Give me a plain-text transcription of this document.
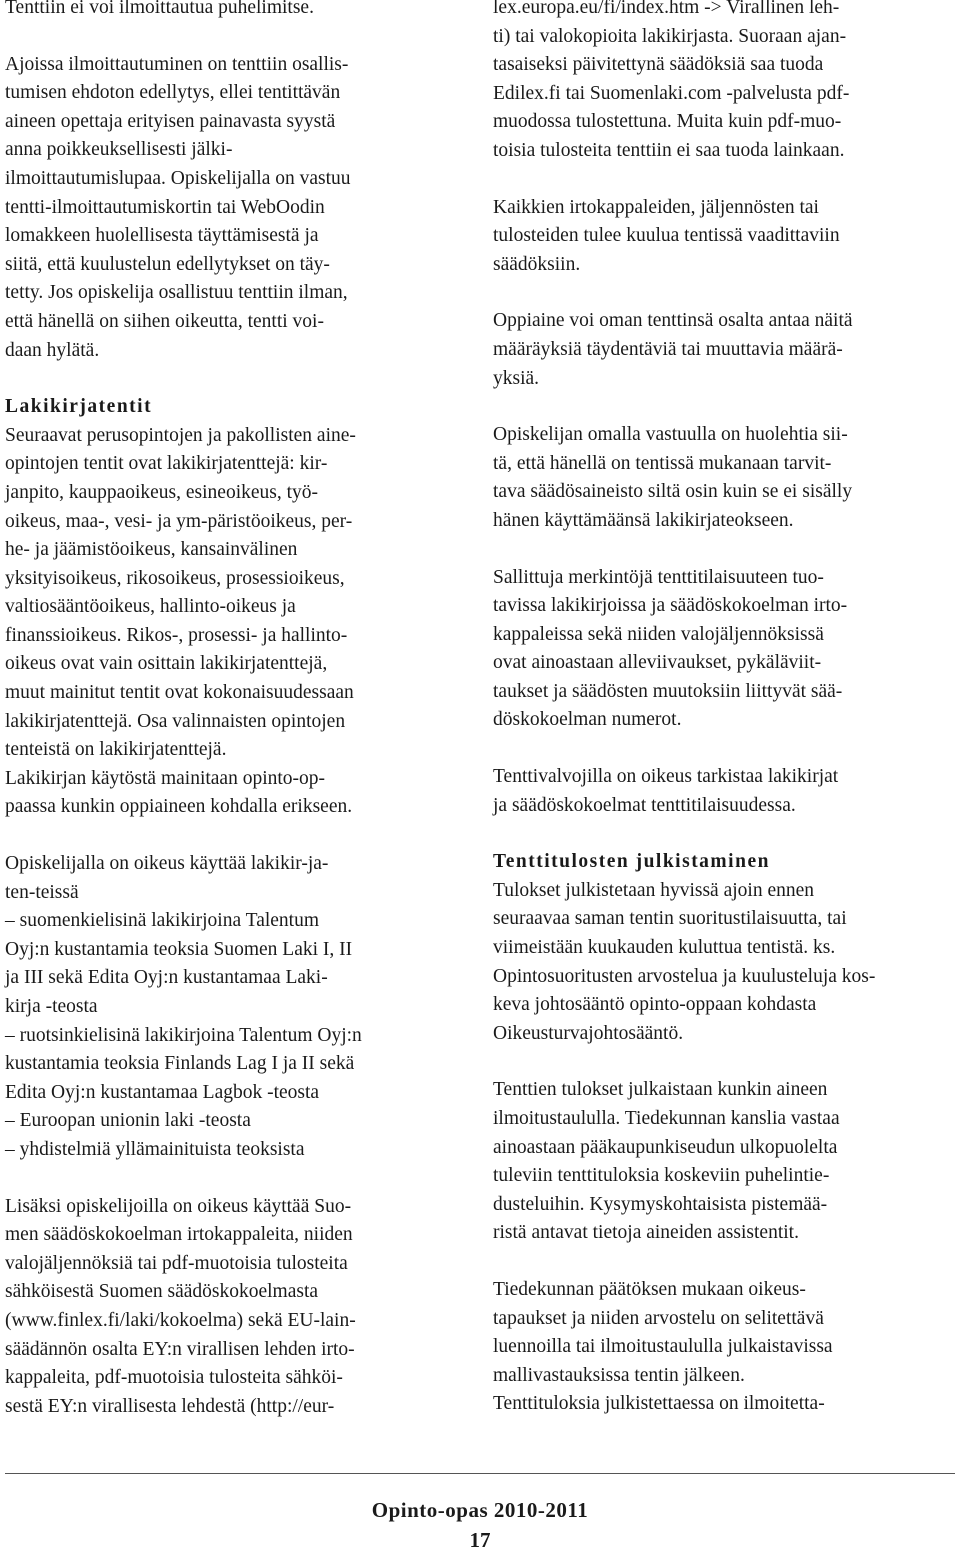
Tenttiin ei voi ilmoittautua puhelimitse.

Ajoissa ilmoittautuminen on tenttiin osallis-
tumisen ehdoton edellytys, ellei tentittävän
aineen opettaja erityisen painavasta syystä
anna poikkeuksellisesti jälki-
ilmoittautumislupaa. Opiskelijalla on vastuu
tentti-ilmoittautumiskortin tai WebOodin
lomakkeen huolellisesta täyttämisestä ja
siitä, että kuulustelun edellytykset on täy-
tetty. Jos opiskelija osallistuu tenttiin ilman,
että hänellä on siihen oikeutta, tentti voi-
daan hylätä.

Lakikirjatentit

Seuraavat perusopintojen ja pakollisten aine-
opintojen tentit ovat lakikirjatenttejä: kir-
janpito, kauppaoikeus, esineoikeus, työ-
oikeus, maa-, vesi- ja ym-päristöoikeus, per-
he- ja jäämistöoikeus, kansainvälinen
yksityisoikeus, rikosoikeus, prosessioikeus,
valtiosääntöoikeus, hallinto-oikeus ja
finanssioikeus. Rikos-, prosessi- ja hallinto-
oikeus ovat vain osittain lakikirjatenttejä,
muut mainitut tentit ovat kokonaisuudessaan
lakikirjatenttejä. Osa valinnaisten opintojen
tenteistä on lakikirjatenttejä.
Lakikirjan käytöstä mainitaan opinto-op-
paassa kunkin oppiaineen kohdalla erikseen.

Opiskelijalla on oikeus käyttää lakikir-ja-
ten-teissä
– suomenkielisinä lakikirjoina Talentum
Oyj:n kustantamia teoksia Suomen Laki I, II
ja III sekä Edita Oyj:n kustantamaa Laki-
kirja -teosta
– ruotsinkielisinä lakikirjoina Talentum Oyj:n
kustantamia teoksia Finlands Lag I ja II sekä
Edita Oyj:n kustantamaa Lagbok -teosta
– Euroopan unionin laki -teosta
– yhdistelmiä yllämainituista teoksista

Lisäksi opiskelijoilla on oikeus käyttää Suo-
men säädöskokoelman irtokappaleita, niiden
valojäljennöksiä tai pdf-muotoisia tulosteita
sähköisestä Suomen säädöskokoelmasta
(www.finlex.fi/laki/kokoelma) sekä EU-lain-
säädännön osalta EY:n virallisen lehden irto-
kappaleita, pdf-muotoisia tulosteita sähköi-
sestä EY:n virallisesta lehdestä (http://eur-

lex.europa.eu/fi/index.htm -> Virallinen leh-
ti) tai valokopioita lakikirjasta. Suoraan ajan-
tasaiseksi päivitettynä säädöksiä saa tuoda
Edilex.fi tai Suomenlaki.com -palvelusta pdf-
muodossa tulostettuna. Muita kuin pdf-muo-
toisia tulosteita tenttiin ei saa tuoda lainkaan.

Kaikkien irtokappaleiden, jäljennösten tai
tulosteiden tulee kuulua tentissä vaadittaviin
säädöksiin.

Oppiaine voi oman tenttinsä osalta antaa näitä
määräyksiä täydentäviä tai muuttavia määrä-
yksiä.

Opiskelijan omalla vastuulla on huolehtia sii-
tä, että hänellä on tentissä mukanaan tarvit-
tava säädösaineisto siltä osin kuin se ei sisälly
hänen käyttämäänsä lakikirjateokseen.

Sallittuja merkintöjä tenttitilaisuuteen tuo-
tavissa lakikirjoissa ja säädöskokoelman irto-
kappaleissa sekä niiden valojäljennöksissä
ovat ainoastaan alleviivaukset, pykäläviit-
taukset ja säädösten muutoksiin liittyvät sää-
döskokoelman numerot.

Tenttivalvojilla on oikeus tarkistaa lakikirjat
ja säädöskokoelmat tenttitilaisuudessa.

Tenttitulosten julkistaminen

Tulokset julkistetaan hyvissä ajoin ennen
seuraavaa saman tentin suoritustilaisuutta, tai
viimeistään kuukauden kuluttua tentistä. ks.
Opintosuoritusten arvostelua ja kuulusteluja kos-
keva johtosääntö opinto-oppaan kohdasta
Oikeusturvajohtosääntö.

Tenttien tulokset julkaistaan kunkin aineen
ilmoitustaululla. Tiedekunnan kanslia vastaa
ainoastaan pääkaupunkiseudun ulkopuolelta
tuleviin tenttituloksia koskeviin puhelintie-
dusteluihin. Kysymyskohtaisista pistemää-
ristä antavat tietoja aineiden assistentit.

Tiedekunnan päätöksen mukaan oikeus-
tapaukset ja niiden arvostelu on selitettävä
luennoilla tai ilmoitustaululla julkaistavissa
mallivastauksissa tentin jälkeen.
Tenttituloksia julkistettaessa on ilmoitetta-

Opinto-opas 2010-2011
17
